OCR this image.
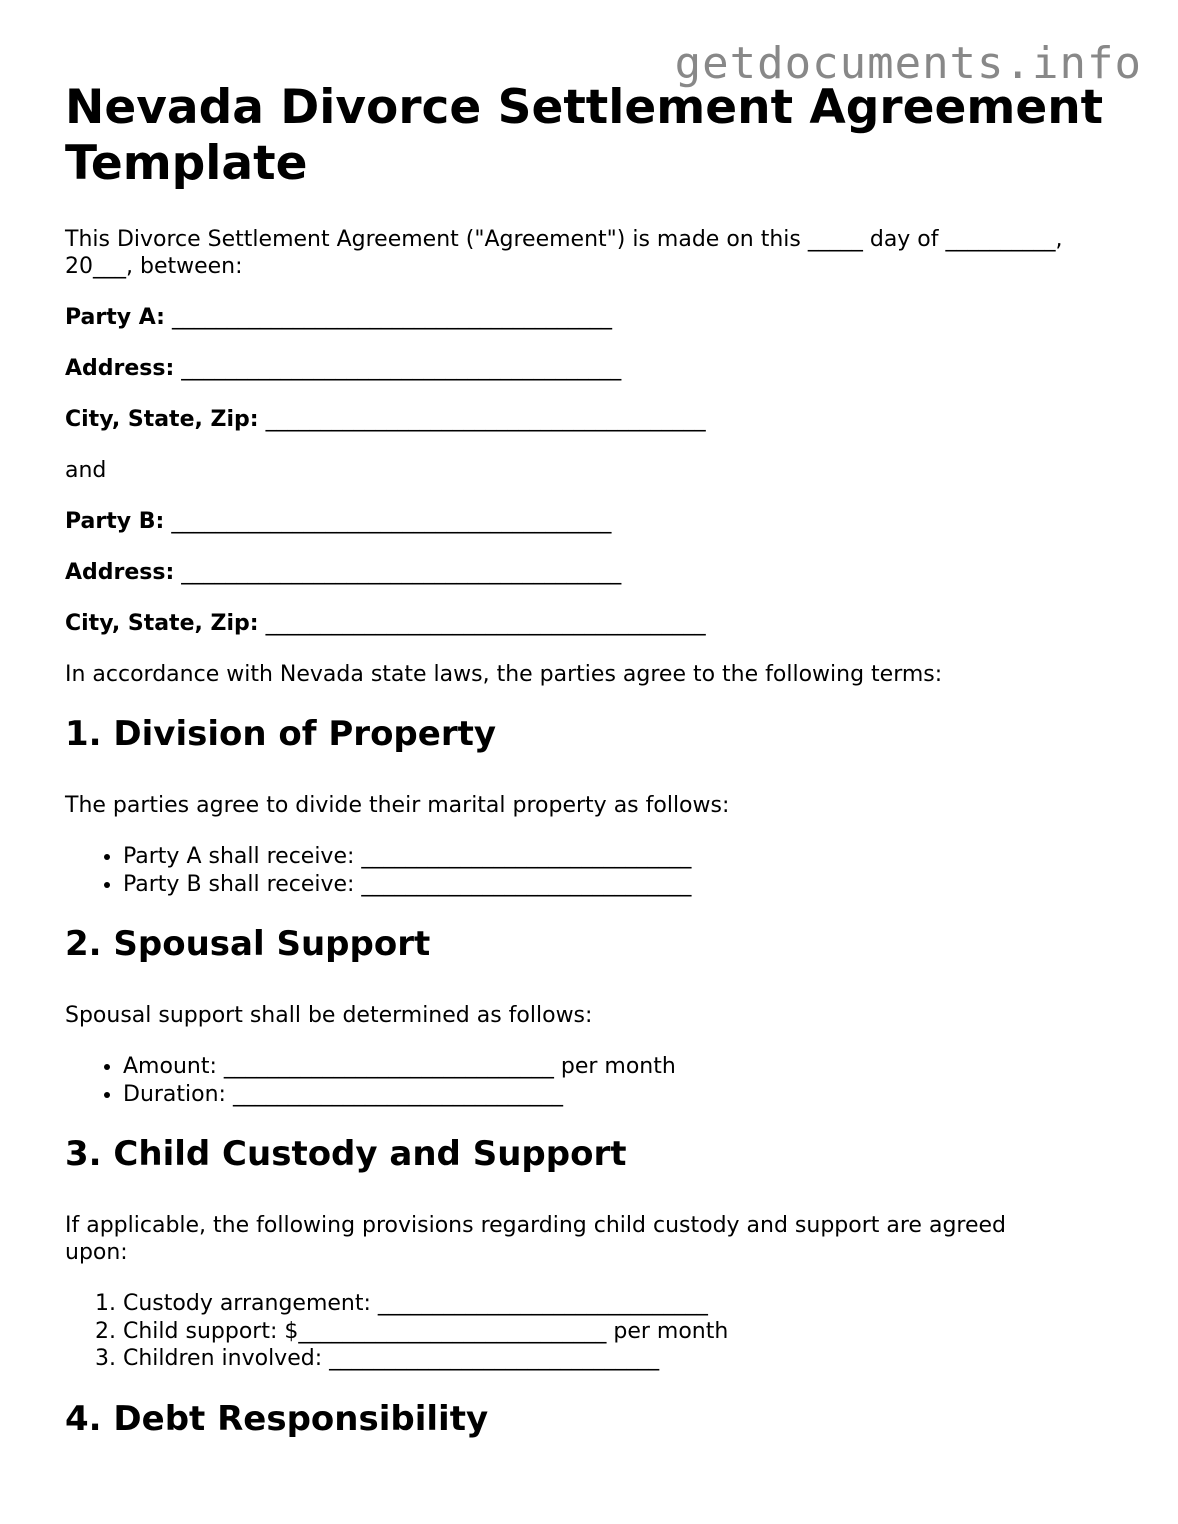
getdocuments.info
Nevada Divorce Settlement Agreement Template

This Divorce Settlement Agreement ("Agreement") is made on this _____ day of __________, 20___, between:

Party A: ________________________________________

Address: ________________________________________

City, State, Zip: ________________________________________

and

Party B: ________________________________________

Address: ________________________________________

City, State, Zip: ________________________________________

In accordance with Nevada state laws, the parties agree to the following terms:

1. Division of Property

The parties agree to divide their marital property as follows:

• Party A shall receive: ______________________________
• Party B shall receive: ______________________________
2. Spousal Support

Spousal support shall be determined as follows:

• Amount: ______________________________ per month
• Duration: ______________________________
3. Child Custody and Support

If applicable, the following provisions regarding child custody and support are agreed upon:

1. Custody arrangement: ______________________________
2. Child support: $____________________________ per month
3. Children involved: ______________________________
4. Debt Responsibility
